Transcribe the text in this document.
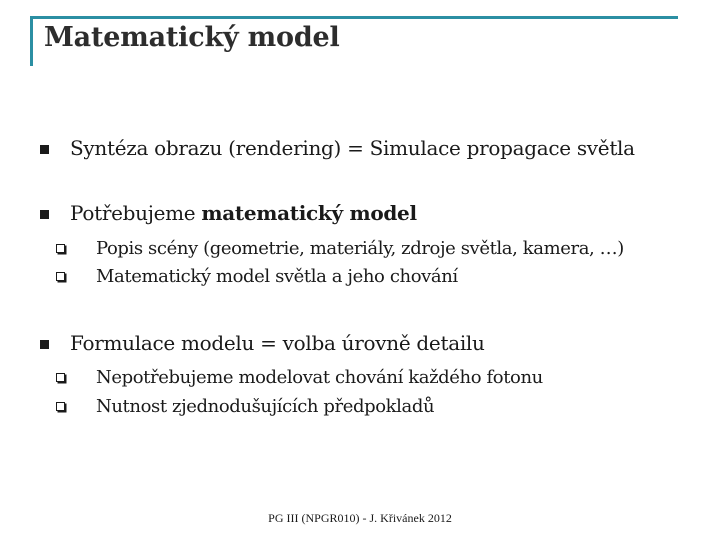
Matematický model
Syntéza obrazu (rendering) = Simulace propagace světla
Potřebujeme matematický model
Popis scény (geometrie, materiály, zdroje světla, kamera, …)
Matematický model světla a jeho chování
Formulace modelu = volba úrovně detailu
Nepotřebujeme modelovat chování každého fotonu
Nutnost zjednodušujících předpokladů
PG III (NPGR010) - J. Křivánek 2012
